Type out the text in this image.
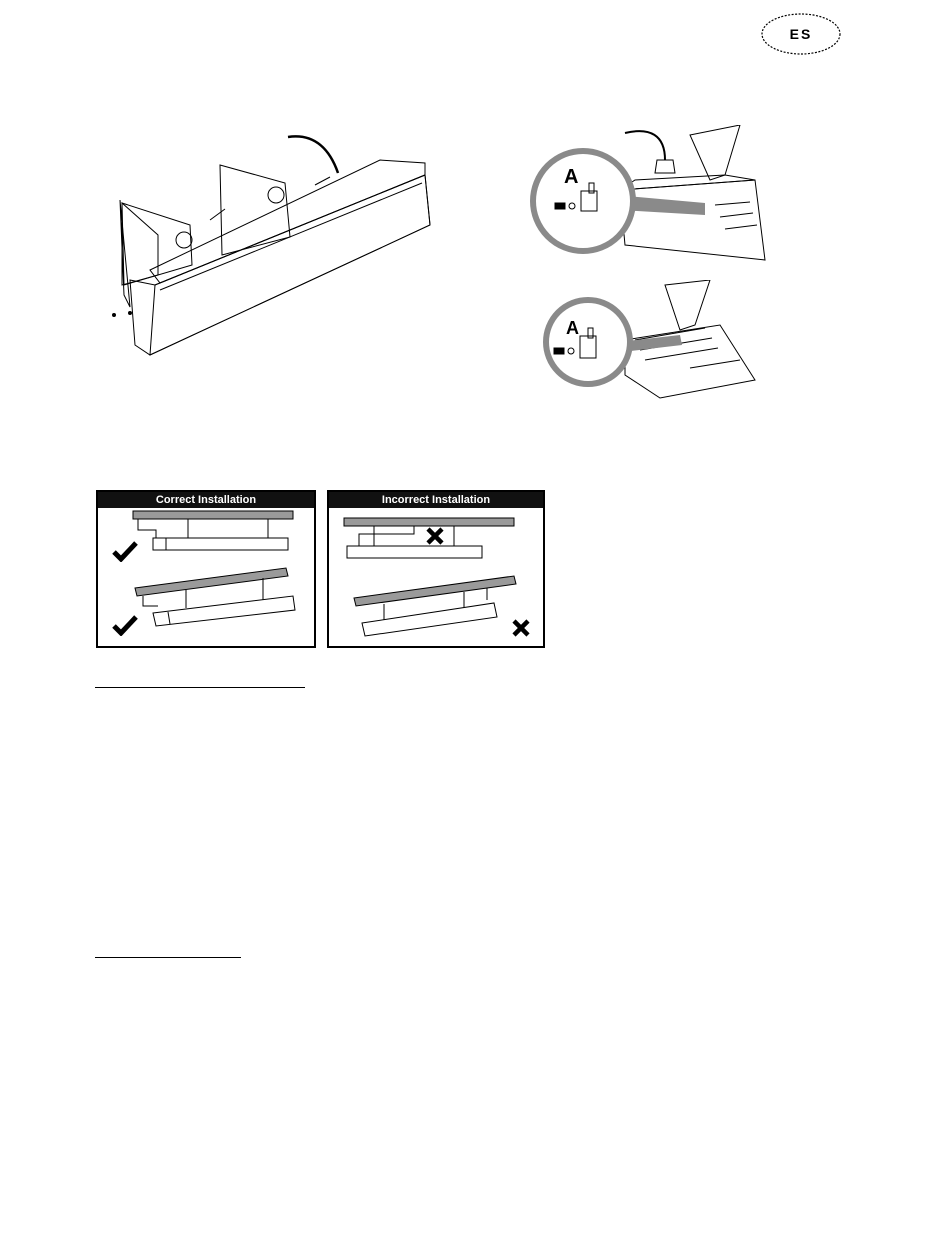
ES
A
A
Correct Installation	Incorrect Installation
